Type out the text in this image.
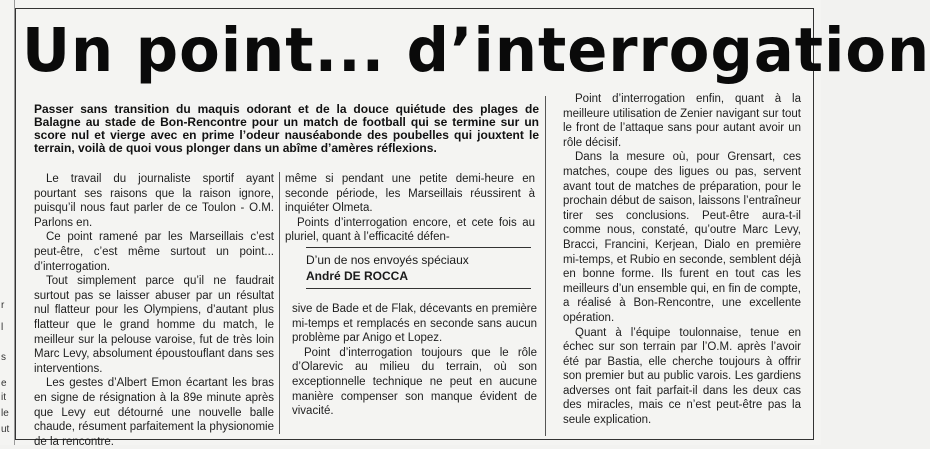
r
l
s
e
it
le
ut
Un point... d’interrogation
Passer sans transition du maquis odorant et de la douce quiétude des plages de Balagne au stade de Bon-Rencontre pour un match de football qui se termine sur un score nul et vierge avec en prime l’odeur nauséabonde des poubelles qui jouxtent le terrain, voilà de quoi vous plonger dans un abîme d’amères réflexions.

Le travail du journaliste sportif ayant pourtant ses raisons que la raison ignore, puisqu’il nous faut parler de ce Toulon - O.M. Parlons en.

Ce point ramené par les Marseillais c’est peut-être, c’est même surtout un point... d’interrogation.

Tout simplement parce qu’il ne faudrait surtout pas se laisser abuser par un résultat nul flatteur pour les Olympiens, d’autant plus flatteur que le grand homme du match, le meilleur sur la pelouse varoise, fut de très loin Marc Levy, absolument époustouflant dans ses interventions.

Les gestes d’Albert Emon écartant les bras en signe de résignation à la 89e minute après que Levy eut détourné une nouvelle balle chaude, résument parfaitement la physionomie de la rencontre.

même si pendant une petite demi-heure en seconde période, les Marseillais réussirent à inquiéter Olmeta.

Points d’interrogation encore, et cete fois au pluriel, quant à l’efficacité défen-

D’un de nos envoyés spéciaux
André DE ROCCA

sive de Bade et de Flak, décevants en première mi-temps et remplacés en seconde sans aucun problème par Anigo et Lopez.

Point d’interrogation toujours que le rôle d’Olarevic au milieu du terrain, où son exceptionnelle technique ne peut en aucune manière compenser son manque évident de vivacité.

Point d’interrogation enfin, quant à la meilleure utilisation de Zenier navigant sur tout le front de l’attaque sans pour autant avoir un rôle décisif.

Dans la mesure où, pour Grensart, ces matches, coupe des ligues ou pas, servent avant tout de matches de préparation, pour le prochain début de saison, laissons l’entraîneur tirer ses conclusions. Peut-être aura-t-il comme nous, constaté, qu’outre Marc Levy, Bracci, Francini, Kerjean, Dialo en première mi-temps, et Rubio en seconde, semblent déjà en bonne forme. Ils furent en tout cas les meilleurs d’un ensemble qui, en fin de compte, a réalisé à Bon-Rencontre, une excellente opération.

Quant à l’équipe toulonnaise, tenue en échec sur son terrain par l’O.M. après l’avoir été par Bastia, elle cherche toujours à offrir son premier but au public varois. Les gardiens adverses ont fait parfait-il dans les deux cas des miracles, mais ce n’est peut-être pas la seule explication.
